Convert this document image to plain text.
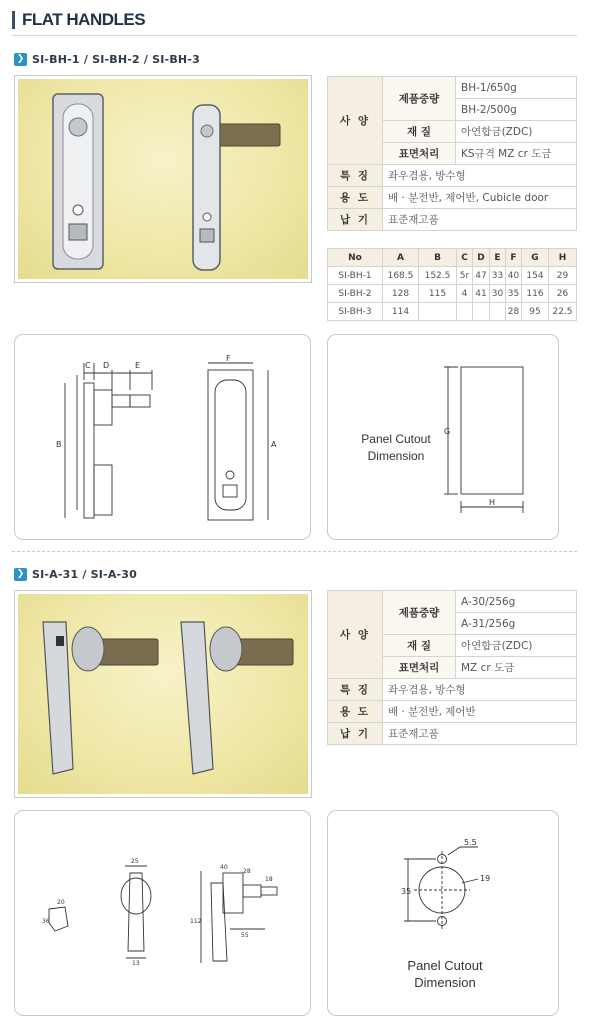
FLAT HANDLES
❯ SI-BH-1 / SI-BH-2 / SI-BH-3
사 양	제품중량	BH-1/650g
		BH-2/500g
	재 질	아연합금(ZDC)
	표면처리	KS규격 MZ cr 도금
특 징	좌우겸용, 방수형	
용 도	배 · 분전반, 제어반, Cubicle door	
납 기	표준재고품	
No	A	B	C	D	E	F	G	H
SI-BH-1	168.5	152.5	5r	47	33	40	154	29
SI-BH-2	128	115	4	41	30	35	116	26
SI-BH-3	114					28	95	22.5
C D	E
B
F
A
G
H
Panel Cutout
Dimension
❯ SI-A-31 / SI-A-30
사 양	제품중량	A-30/256g
		A-31/256g
	재 질	아연합금(ZDC)
	표면처리	MZ cr 도금
특 징	좌우겸용, 방수형	
용 도	배 · 분전반, 제어반	
납 기	표준재고품	
20
36
25
13
112
40
28
18
55
35
5.5
19
Panel Cutout
Dimension
